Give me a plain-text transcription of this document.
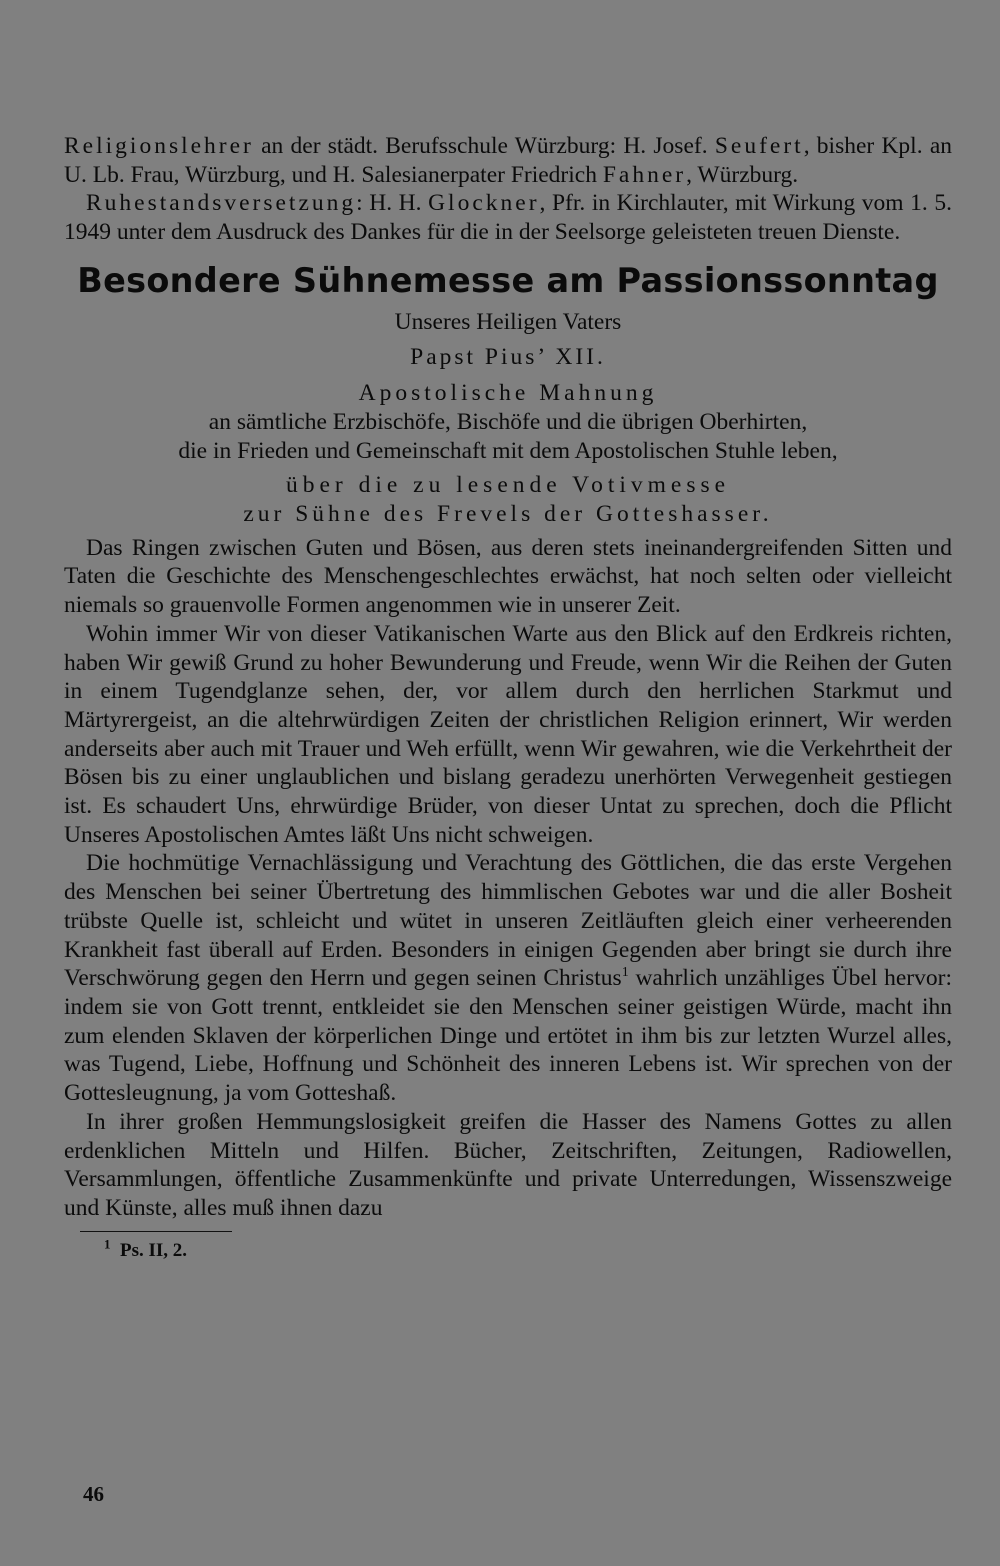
Religionslehrer an der städt. Berufsschule Würzburg: H. Josef. Seufert, bisher Kpl. an U. Lb. Frau, Würzburg, und H. Salesianerpater Friedrich Fahner, Würzburg.

Ruhestandsversetzung: H. H. Glockner, Pfr. in Kirchlauter, mit Wirkung vom 1. 5. 1949 unter dem Ausdruck des Dankes für die in der Seelsorge geleisteten treuen Dienste.

Besondere Sühnemesse am Passionssonntag

Unseres Heiligen Vaters

Papst Pius’ XII.

Apostolische Mahnung

an sämtliche Erzbischöfe, Bischöfe und die übrigen Oberhirten,

die in Frieden und Gemeinschaft mit dem Apostolischen Stuhle leben,

über die zu lesende Votivmesse

zur Sühne des Frevels der Gotteshasser.

Das Ringen zwischen Guten und Bösen, aus deren stets ineinandergreifenden Sitten und Taten die Geschichte des Menschengeschlechtes erwächst, hat noch selten oder vielleicht niemals so grauenvolle Formen angenommen wie in unserer Zeit.

Wohin immer Wir von dieser Vatikanischen Warte aus den Blick auf den Erdkreis richten, haben Wir gewiß Grund zu hoher Bewunderung und Freude, wenn Wir die Reihen der Guten in einem Tugendglanze sehen, der, vor allem durch den herrlichen Starkmut und Märtyrergeist, an die altehrwürdigen Zeiten der christlichen Religion erinnert, Wir werden anderseits aber auch mit Trauer und Weh erfüllt, wenn Wir gewahren, wie die Verkehrtheit der Bösen bis zu einer unglaublichen und bislang geradezu unerhörten Verwegenheit gestiegen ist. Es schaudert Uns, ehrwürdige Brüder, von dieser Untat zu sprechen, doch die Pflicht Unseres Apostolischen Amtes läßt Uns nicht schweigen.

Die hochmütige Vernachlässigung und Verachtung des Göttlichen, die das erste Vergehen des Menschen bei seiner Übertretung des himmlischen Gebotes war und die aller Bosheit trübste Quelle ist, schleicht und wütet in unseren Zeitläuften gleich einer verheerenden Krankheit fast überall auf Erden. Besonders in einigen Gegenden aber bringt sie durch ihre Verschwörung gegen den Herrn und gegen seinen Christus$^1$ wahrlich unzähliges Übel hervor: indem sie von Gott trennt, entkleidet sie den Menschen seiner geistigen Würde, macht ihn zum elenden Sklaven der körperlichen Dinge und ertötet in ihm bis zur letzten Wurzel alles, was Tugend, Liebe, Hoffnung und Schönheit des inneren Lebens ist. Wir sprechen von der Gottesleugnung, ja vom Gotteshaß.

In ihrer großen Hemmungslosigkeit greifen die Hasser des Namens Gottes zu allen erdenklichen Mitteln und Hilfen. Bücher, Zeitschriften, Zeitungen, Radiowellen, Versammlungen, öffentliche Zusammenkünfte und private Unterredungen, Wissenszweige und Künste, alles muß ihnen dazu

$^1$ Ps. II, 2.

46
